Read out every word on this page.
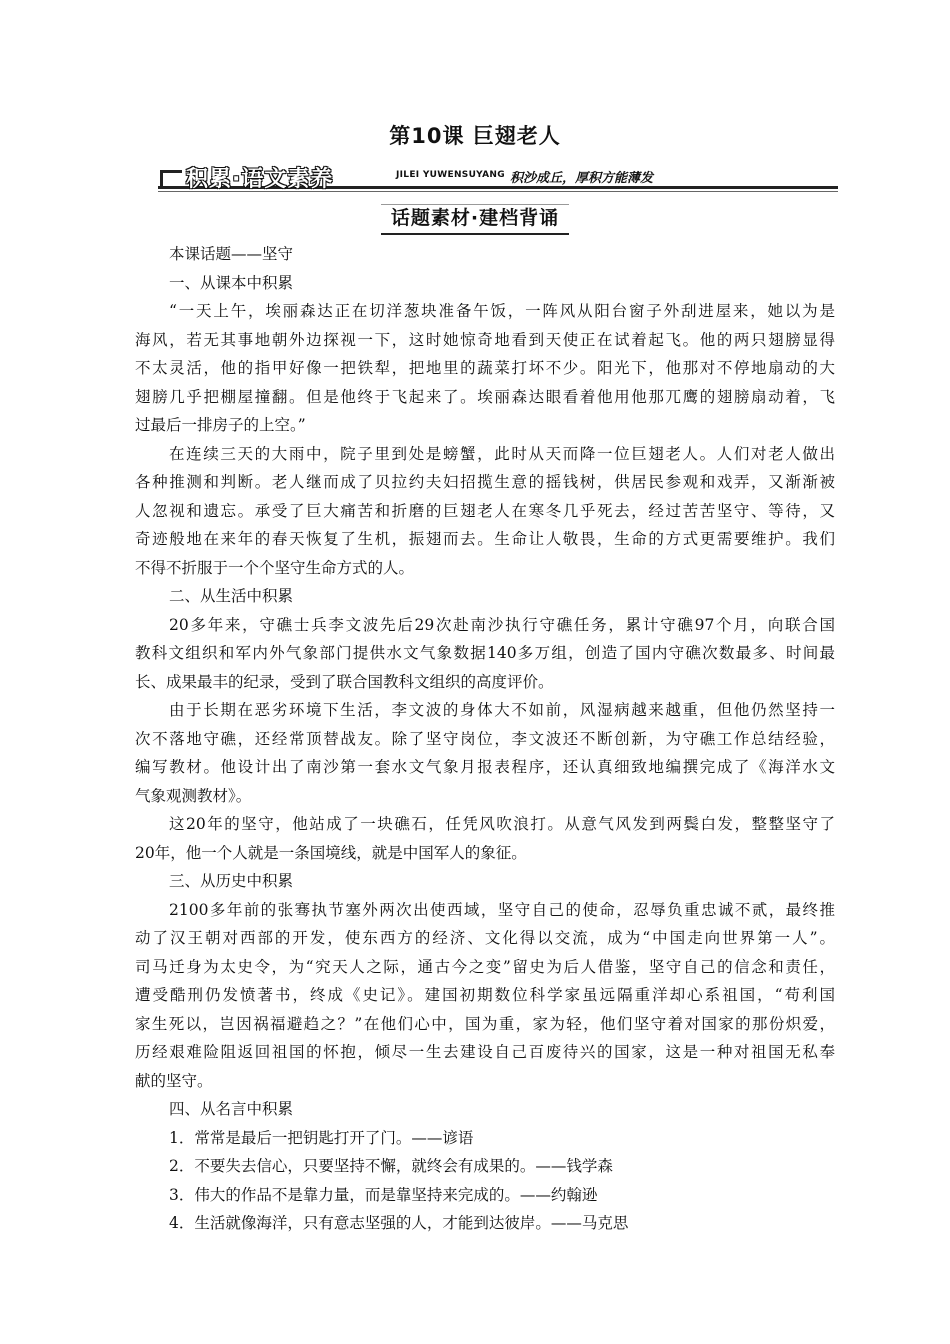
第10课 巨翅老人
积累·语文素养	JILEI YUWENSUYANG 积沙成丘，厚积方能薄发
话题素材·建档背诵
本课话题——坚守
一、从课本中积累
“一天上午，埃丽森达正在切洋葱块准备午饭，一阵风从阳台窗子外刮进屋来，她以为是
海风，若无其事地朝外边探视一下，这时她惊奇地看到天使正在试着起飞。他的两只翅膀显得
不太灵活，他的指甲好像一把铁犁，把地里的蔬菜打坏不少。阳光下，他那对不停地扇动的大
翅膀几乎把棚屋撞翻。但是他终于飞起来了。埃丽森达眼看着他用他那兀鹰的翅膀扇动着，飞
过最后一排房子的上空。”
在连续三天的大雨中，院子里到处是螃蟹，此时从天而降一位巨翅老人。人们对老人做出
各种推测和判断。老人继而成了贝拉约夫妇招揽生意的摇钱树，供居民参观和戏弄，又渐渐被
人忽视和遗忘。承受了巨大痛苦和折磨的巨翅老人在寒冬几乎死去，经过苦苦坚守、等待，又
奇迹般地在来年的春天恢复了生机，振翅而去。生命让人敬畏，生命的方式更需要维护。我们
不得不折服于一个个坚守生命方式的人。
二、从生活中积累
20多年来，守礁士兵李文波先后29次赴南沙执行守礁任务，累计守礁97个月，向联合国
教科文组织和军内外气象部门提供水文气象数据140多万组，创造了国内守礁次数最多、时间最
长、成果最丰的纪录，受到了联合国教科文组织的高度评价。
由于长期在恶劣环境下生活，李文波的身体大不如前，风湿病越来越重，但他仍然坚持一
次不落地守礁，还经常顶替战友。除了坚守岗位，李文波还不断创新，为守礁工作总结经验，
编写教材。他设计出了南沙第一套水文气象月报表程序，还认真细致地编撰完成了《海洋水文
气象观测教材》。
这20年的坚守，他站成了一块礁石，任凭风吹浪打。从意气风发到两鬓白发，整整坚守了
20年，他一个人就是一条国境线，就是中国军人的象征。
三、从历史中积累
2100多年前的张骞执节塞外两次出使西域，坚守自己的使命，忍辱负重忠诚不贰，最终推
动了汉王朝对西部的开发，使东西方的经济、文化得以交流，成为“中国走向世界第一人”。
司马迁身为太史令，为“究天人之际，通古今之变”留史为后人借鉴，坚守自己的信念和责任，
遭受酷刑仍发愤著书，终成《史记》。建国初期数位科学家虽远隔重洋却心系祖国，“苟利国
家生死以，岂因祸福避趋之？”在他们心中，国为重，家为轻，他们坚守着对国家的那份炽爱，
历经艰难险阻返回祖国的怀抱，倾尽一生去建设自己百废待兴的国家，这是一种对祖国无私奉
献的坚守。
四、从名言中积累
1．常常是最后一把钥匙打开了门。——谚语
2．不要失去信心，只要坚持不懈，就终会有成果的。——钱学森
3．伟大的作品不是靠力量，而是靠坚持来完成的。——约翰逊
4．生活就像海洋，只有意志坚强的人，才能到达彼岸。——马克思
